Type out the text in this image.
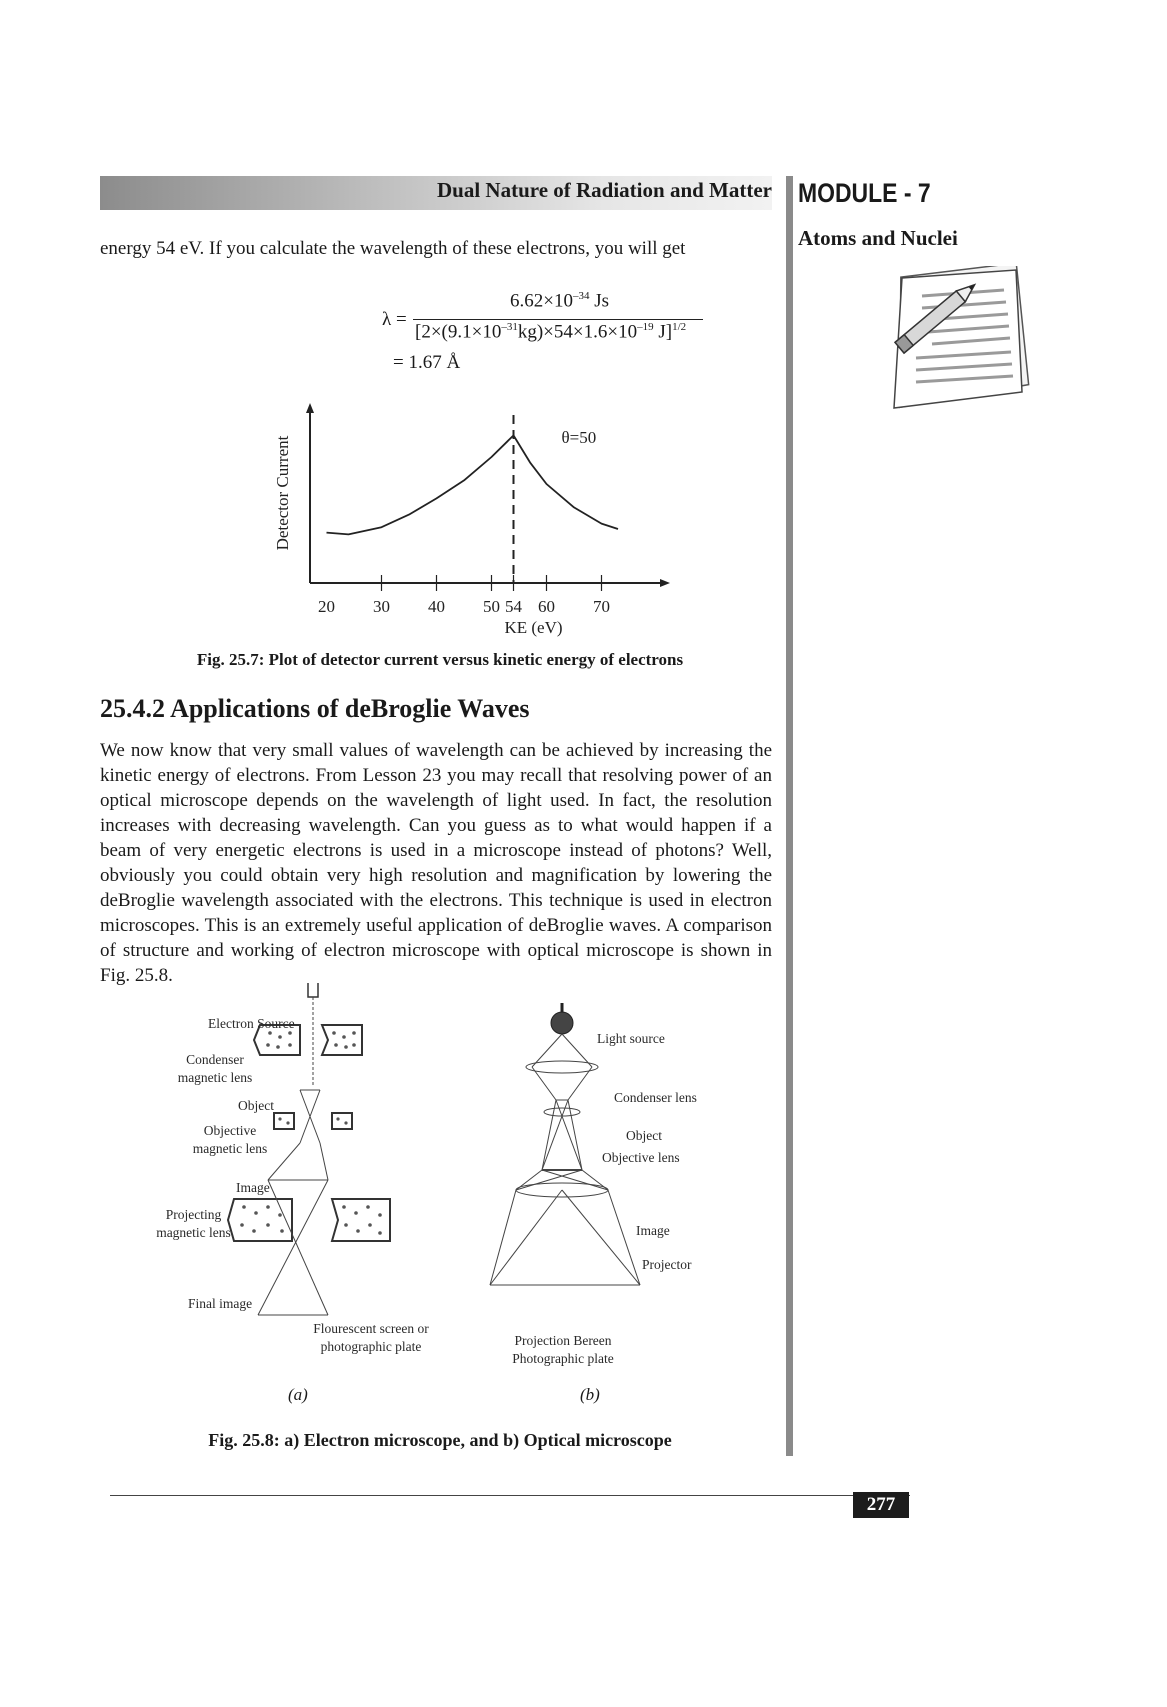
Dual Nature of Radiation and Matter MODULE - 7
Atoms and Nuclei
energy 54 eV. If you calculate the wavelength of these electrons, you will get
λ =
$6.62\times 10^{-34}$ Js
[$2\times(9.1\times 10^{-31}kg)\times 54\times 1.6\times 10^{-19}$ J]$^{1/2}$
= 1.67 Å
20 30 40 50 54 60 70
θ=50
Detector Current
KE (eV)
Fig. 25.7: Plot of detector current versus kinetic energy of electrons
25.4.2 Applications of deBroglie Waves
We now know that very small values of wavelength can be achieved by increasing the kinetic energy of electrons. From Lesson 23 you may recall that resolving power of an optical microscope depends on the wavelength of light used. In fact, the resolution increases with decreasing wavelength. Can you guess as to what would happen if a beam of very energetic electrons is used in a microscope instead of photons? Well, obviously you could obtain very high resolution and magnification by lowering the deBroglie wavelength associated with the electrons. This technique is used in electron microscopes. This is an extremely useful application of deBroglie waves. A comparison of structure and working of electron microscope with optical microscope is shown in Fig. 25.8.
Electron Source
Condenser magnetic lens
Object
Objective magnetic lens
Image
Projecting magnetic lens
Final image
Flourescent screen or photographic plate
Light source
Condenser lens
Object
Objective lens
Image
Projector
Projection Bereen Photographic plate
(a)	(b)
Fig. 25.8: a) Electron microscope, and b) Optical microscope
277
